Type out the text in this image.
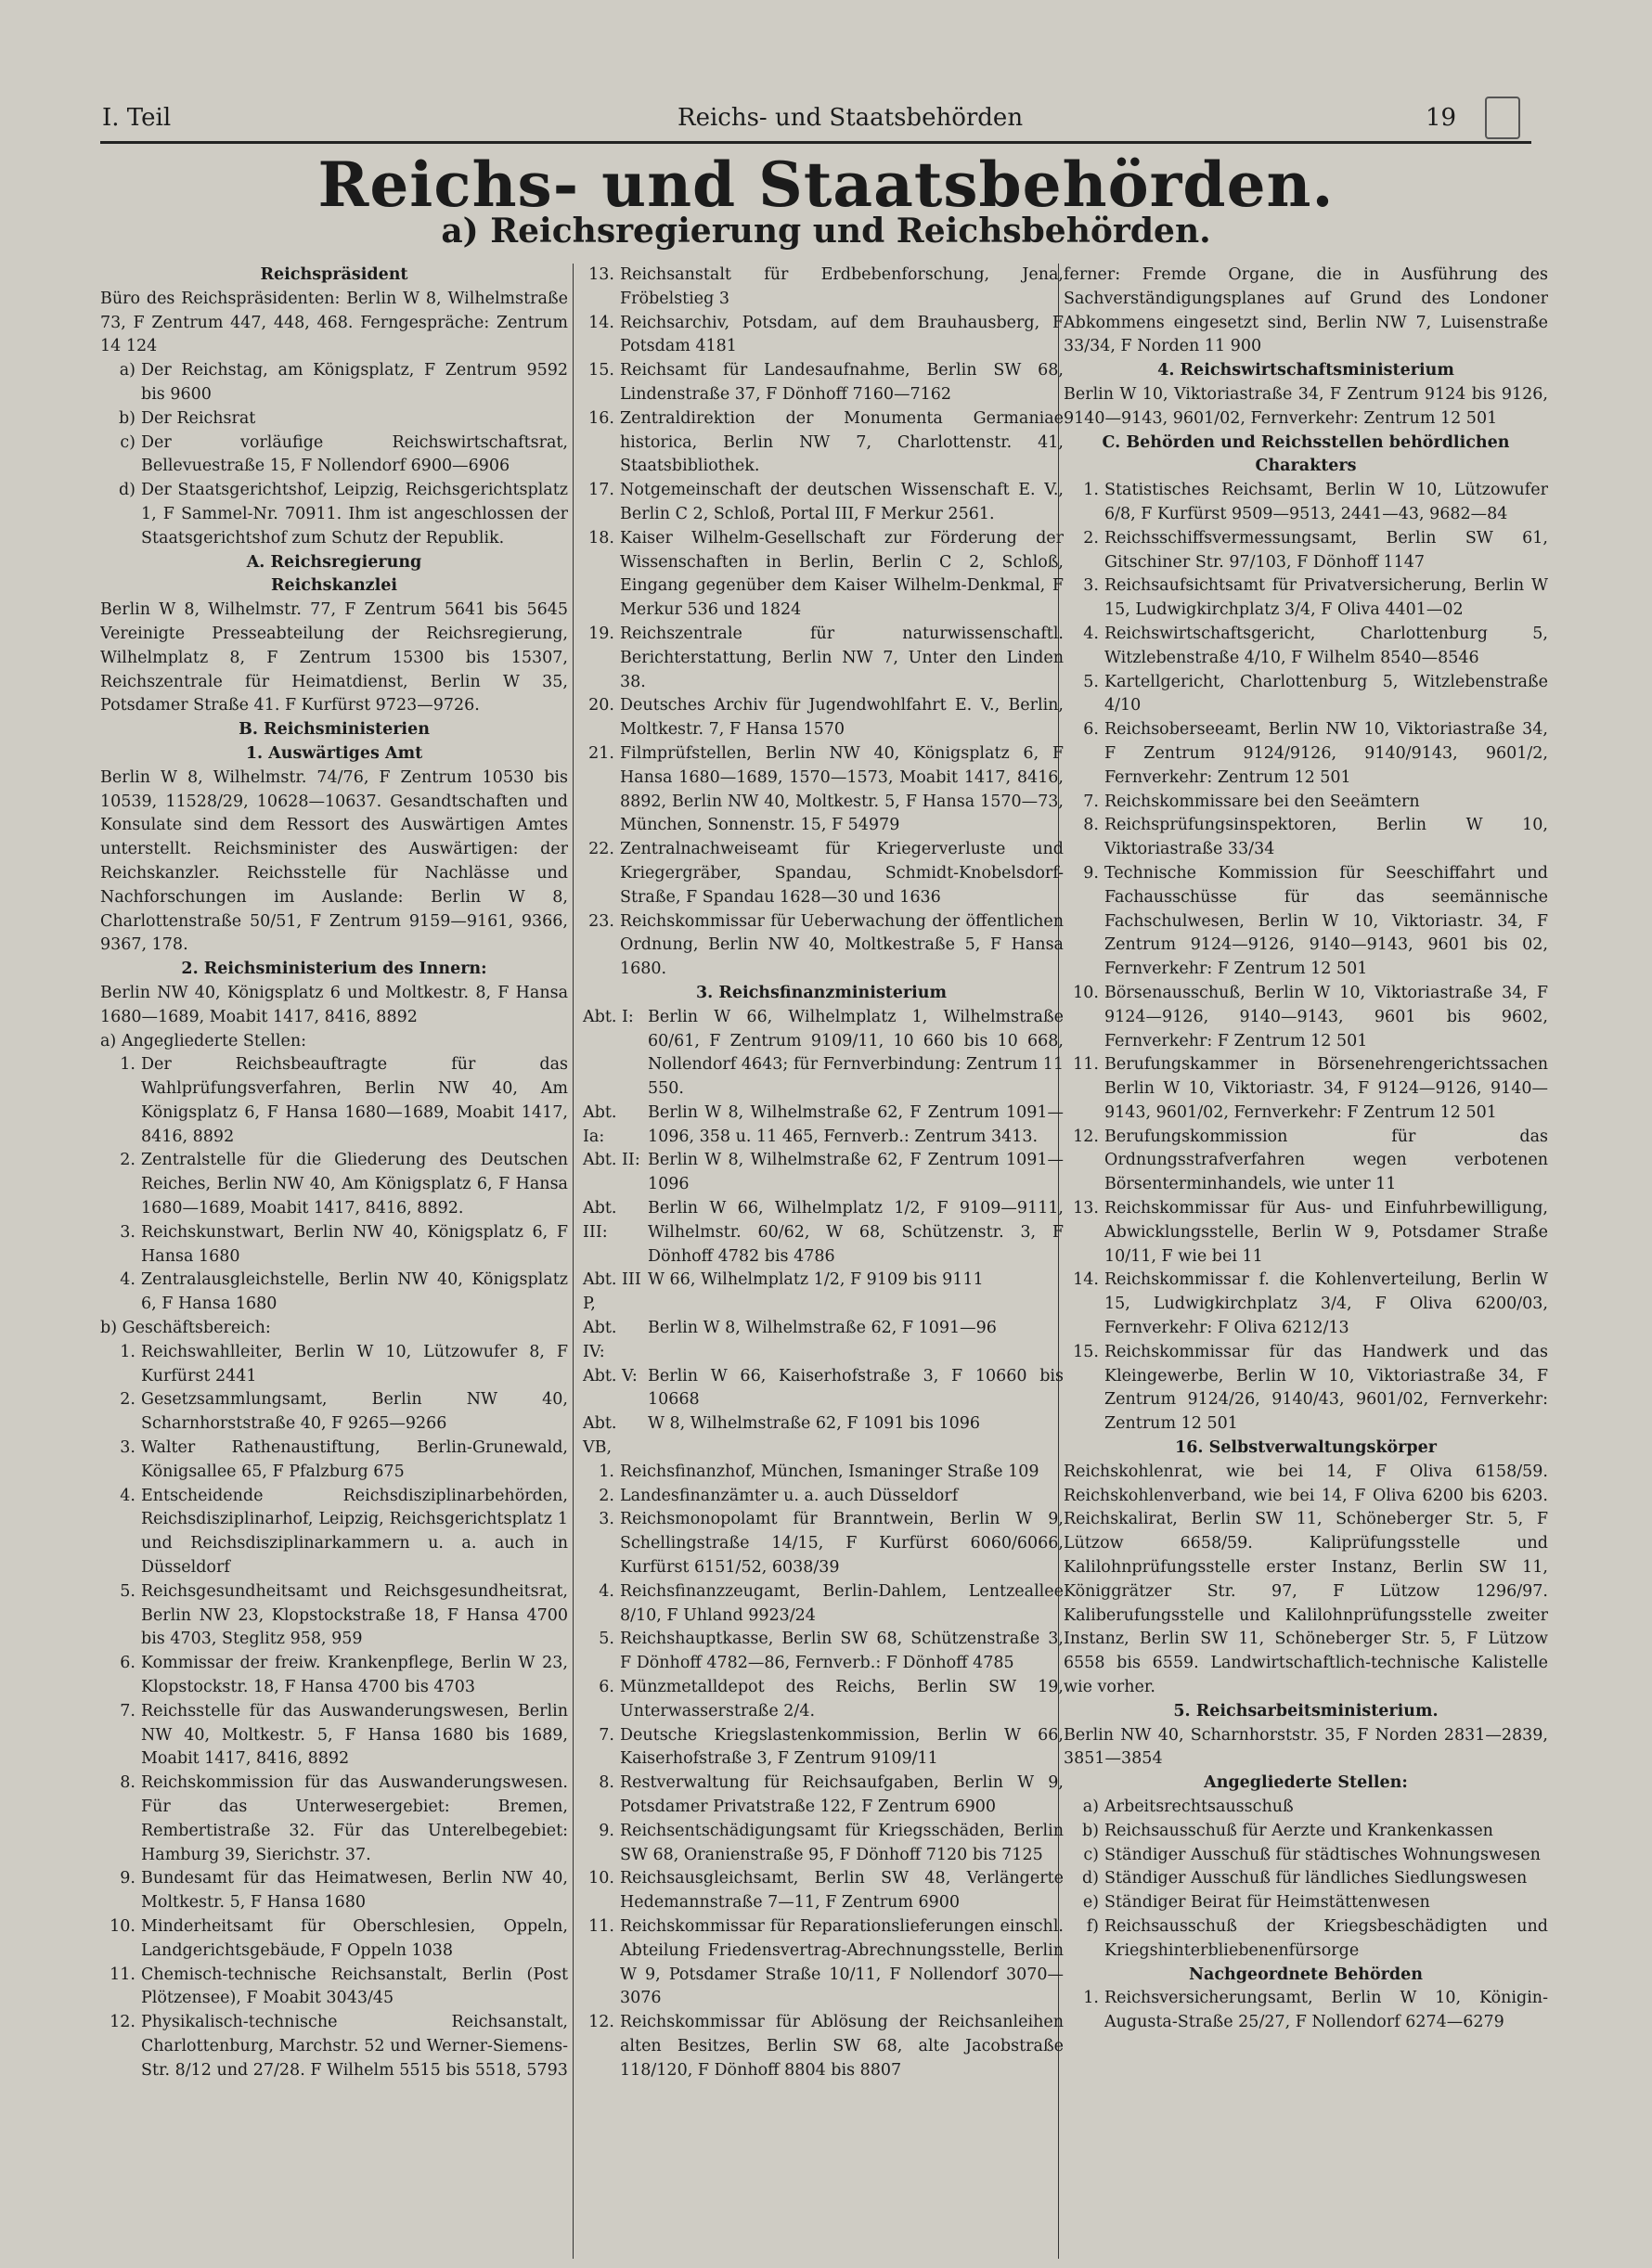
I. Teil	Reichs- und Staatsbehörden	19
Reichs- und Staatsbehörden.
a) Reichsregierung und Reichsbehörden.
Reichspräsident
Büro des Reichspräsidenten: Berlin W 8, Wilhelmstraße 73, F Zentrum 447, 448, 468. Ferngespräche: Zentrum 14 124
a) Der Reichstag, am Königsplatz, F Zentrum 9592 bis 9600
b) Der Reichsrat
c) Der vorläufige Reichswirtschaftsrat, Bellevuestraße 15, F Nollendorf 6900—6906
d) Der Staatsgerichtshof, Leipzig, Reichsgerichtsplatz 1, F Sammel-Nr. 70911. Ihm ist angeschlossen der Staatsgerichtshof zum Schutz der Republik.
A. Reichsregierung
Reichskanzlei
Berlin W 8, Wilhelmstr. 77, F Zentrum 5641 bis 5645 Vereinigte Presseabteilung der Reichsregierung, Wilhelmplatz 8, F Zentrum 15300 bis 15307, Reichszentrale für Heimatdienst, Berlin W 35, Potsdamer Straße 41. F Kurfürst 9723—9726.
B. Reichsministerien
1. Auswärtiges Amt
Berlin W 8, Wilhelmstr. 74/76, F Zentrum 10530 bis 10539, 11528/29, 10628—10637. Gesandtschaften und Konsulate sind dem Ressort des Auswärtigen Amtes unterstellt. Reichsminister des Auswärtigen: der Reichskanzler. Reichsstelle für Nachlässe und Nachforschungen im Auslande: Berlin W 8, Charlottenstraße 50/51, F Zentrum 9159—9161, 9366, 9367, 178.
2. Reichsministerium des Innern:
Berlin NW 40, Königsplatz 6 und Moltkestr. 8, F Hansa 1680—1689, Moabit 1417, 8416, 8892
a) Angegliederte Stellen:
1. Der Reichsbeauftragte für das Wahlprüfungsverfahren, Berlin NW 40, Am Königsplatz 6, F Hansa 1680—1689, Moabit 1417, 8416, 8892
2. Zentralstelle für die Gliederung des Deutschen Reiches, Berlin NW 40, Am Königsplatz 6, F Hansa 1680—1689, Moabit 1417, 8416, 8892.
3. Reichskunstwart, Berlin NW 40, Königsplatz 6, F Hansa 1680
4. Zentralausgleichstelle, Berlin NW 40, Königsplatz 6, F Hansa 1680
b) Geschäftsbereich:
1. Reichswahlleiter, Berlin W 10, Lützowufer 8, F Kurfürst 2441
2. Gesetzsammlungsamt, Berlin NW 40, Scharnhorststraße 40, F 9265—9266
3. Walter Rathenaustiftung, Berlin-Grunewald, Königsallee 65, F Pfalzburg 675
4. Entscheidende Reichsdisziplinarbehörden, Reichsdisziplinarhof, Leipzig, Reichsgerichtsplatz 1 und Reichsdisziplinarkammern u. a. auch in Düsseldorf
5. Reichsgesundheitsamt und Reichsgesundheitsrat, Berlin NW 23, Klopstockstraße 18, F Hansa 4700 bis 4703, Steglitz 958, 959
6. Kommissar der freiw. Krankenpflege, Berlin W 23, Klopstockstr. 18, F Hansa 4700 bis 4703
7. Reichsstelle für das Auswanderungswesen, Berlin NW 40, Moltkestr. 5, F Hansa 1680 bis 1689, Moabit 1417, 8416, 8892
8. Reichskommission für das Auswanderungswesen. Für das Unterwesergebiet: Bremen, Rembertistraße 32. Für das Unterelbegebiet: Hamburg 39, Sierichstr. 37.
9. Bundesamt für das Heimatwesen, Berlin NW 40, Moltkestr. 5, F Hansa 1680
10. Minderheitsamt für Oberschlesien, Oppeln, Landgerichtsgebäude, F Oppeln 1038
11. Chemisch-technische Reichsanstalt, Berlin (Post Plötzensee), F Moabit 3043/45
12. Physikalisch-technische Reichsanstalt, Charlottenburg, Marchstr. 52 und Werner-Siemens-Str. 8/12 und 27/28. F Wilhelm 5515 bis 5518, 5793
13. Reichsanstalt für Erdbebenforschung, Jena, Fröbelstieg 3
14. Reichsarchiv, Potsdam, auf dem Brauhausberg, F Potsdam 4181
15. Reichsamt für Landesaufnahme, Berlin SW 68, Lindenstraße 37, F Dönhoff 7160—7162
16. Zentraldirektion der Monumenta Germaniae historica, Berlin NW 7, Charlottenstr. 41, Staatsbibliothek.
17. Notgemeinschaft der deutschen Wissenschaft E. V., Berlin C 2, Schloß, Portal III, F Merkur 2561.
18. Kaiser Wilhelm-Gesellschaft zur Förderung der Wissenschaften in Berlin, Berlin C 2, Schloß, Eingang gegenüber dem Kaiser Wilhelm-Denkmal, F Merkur 536 und 1824
19. Reichszentrale für naturwissenschaftl. Berichterstattung, Berlin NW 7, Unter den Linden 38.
20. Deutsches Archiv für Jugendwohlfahrt E. V., Berlin, Moltkestr. 7, F Hansa 1570
21. Filmprüfstellen, Berlin NW 40, Königsplatz 6, F Hansa 1680—1689, 1570—1573, Moabit 1417, 8416, 8892, Berlin NW 40, Moltkestr. 5, F Hansa 1570—73, München, Sonnenstr. 15, F 54979
22. Zentralnachweiseamt für Kriegerverluste und Kriegergräber, Spandau, Schmidt-Knobelsdorf-Straße, F Spandau 1628—30 und 1636
23. Reichskommissar für Ueberwachung der öffentlichen Ordnung, Berlin NW 40, Moltkestraße 5, F Hansa 1680.
3. Reichsfinanzministerium
Abt. I: Berlin W 66, Wilhelmplatz 1, Wilhelmstraße 60/61, F Zentrum 9109/11, 10 660 bis 10 668, Nollendorf 4643; für Fernverbindung: Zentrum 11 550.
Abt. Ia:
Berlin W 8, Wilhelmstraße 62, F Zentrum 1091—1096, 358 u. 11 465, Fernverb.: Zentrum 3413.
Abt. II: Berlin W 8, Wilhelmstraße 62, F Zentrum 1091—1096
Abt. III:
Berlin W 66, Wilhelmplatz 1/2, F 9109—9111, Wilhelmstr. 60/62, W 68, Schützenstr. 3, F Dönhoff 4782 bis 4786
Abt. III P,
W 66, Wilhelmplatz 1/2, F 9109 bis 9111
Abt. IV:
Berlin W 8, Wilhelmstraße 62, F 1091—96
Abt. V: Berlin W 66, Kaiserhofstraße 3, F 10660 bis 10668
Abt. VB,
W 8, Wilhelmstraße 62, F 1091 bis 1096
1. Reichsfinanzhof, München, Ismaninger Straße 109
2. Landesfinanzämter u. a. auch Düsseldorf
3. Reichsmonopolamt für Branntwein, Berlin W 9, Schellingstraße 14/15, F Kurfürst 6060/6066, Kurfürst 6151/52, 6038/39
4. Reichsfinanzzeugamt, Berlin-Dahlem, Lentzeallee 8/10, F Uhland 9923/24
5. Reichshauptkasse, Berlin SW 68, Schützenstraße 3, F Dönhoff 4782—86, Fernverb.: F Dönhoff 4785
6. Münzmetalldepot des Reichs, Berlin SW 19, Unterwasserstraße 2/4.
7. Deutsche Kriegslastenkommission, Berlin W 66, Kaiserhofstraße 3, F Zentrum 9109/11
8. Restverwaltung für Reichsaufgaben, Berlin W 9, Potsdamer Privatstraße 122, F Zentrum 6900
9. Reichsentschädigungsamt für Kriegsschäden, Berlin SW 68, Oranienstraße 95, F Dönhoff 7120 bis 7125
10. Reichsausgleichsamt, Berlin SW 48, Verlängerte Hedemannstraße 7—11, F Zentrum 6900
11. Reichskommissar für Reparationslieferungen einschl. Abteilung Friedensvertrag-Abrechnungsstelle, Berlin W 9, Potsdamer Straße 10/11, F Nollendorf 3070—3076
12. Reichskommissar für Ablösung der Reichsanleihen alten Besitzes, Berlin SW 68, alte Jacobstraße 118/120, F Dönhoff 8804 bis 8807
ferner: Fremde Organe, die in Ausführung des Sachverständigungsplanes auf Grund des Londoner Abkommens eingesetzt sind, Berlin NW 7, Luisenstraße 33/34, F Norden 11 900
4. Reichswirtschaftsministerium
Berlin W 10, Viktoriastraße 34, F Zentrum 9124 bis 9126, 9140—9143, 9601/02, Fernverkehr: Zentrum 12 501
C. Behörden und Reichsstellen behördlichen Charakters
1. Statistisches Reichsamt, Berlin W 10, Lützowufer 6/8, F Kurfürst 9509—9513, 2441—43, 9682—84
2. Reichsschiffsvermessungsamt, Berlin SW 61, Gitschiner Str. 97/103, F Dönhoff 1147
3. Reichsaufsichtsamt für Privatversicherung, Berlin W 15, Ludwigkirchplatz 3/4, F Oliva 4401—02
4. Reichswirtschaftsgericht, Charlottenburg 5, Witzlebenstraße 4/10, F Wilhelm 8540—8546
5. Kartellgericht, Charlottenburg 5, Witzlebenstraße 4/10
6. Reichsoberseeamt, Berlin NW 10, Viktoriastraße 34, F Zentrum 9124/9126, 9140/9143, 9601/2, Fernverkehr: Zentrum 12 501
7. Reichskommissare bei den Seeämtern
8. Reichsprüfungsinspektoren, Berlin W 10, Viktoriastraße 33/34
9. Technische Kommission für Seeschiffahrt und Fachausschüsse für das seemännische Fachschulwesen, Berlin W 10, Viktoriastr. 34, F Zentrum 9124—9126, 9140—9143, 9601 bis 02, Fernverkehr: F Zentrum 12 501
10. Börsenausschuß, Berlin W 10, Viktoriastraße 34, F 9124—9126, 9140—9143, 9601 bis 9602, Fernverkehr: F Zentrum 12 501
11. Berufungskammer in Börsenehrengerichtssachen Berlin W 10, Viktoriastr. 34, F 9124—9126, 9140—9143, 9601/02, Fernverkehr: F Zentrum 12 501
12. Berufungskommission für das Ordnungsstrafverfahren wegen verbotenen Börsenterminhandels, wie unter 11
13. Reichskommissar für Aus- und Einfuhrbewilligung, Abwicklungsstelle, Berlin W 9, Potsdamer Straße 10/11, F wie bei 11
14. Reichskommissar f. die Kohlenverteilung, Berlin W 15, Ludwigkirchplatz 3/4, F Oliva 6200/03, Fernverkehr: F Oliva 6212/13
15. Reichskommissar für das Handwerk und das Kleingewerbe, Berlin W 10, Viktoriastraße 34, F Zentrum 9124/26, 9140/43, 9601/02, Fernverkehr: Zentrum 12 501
16. Selbstverwaltungskörper
Reichskohlenrat, wie bei 14, F Oliva 6158/59. Reichskohlenverband, wie bei 14, F Oliva 6200 bis 6203. Reichskalirat, Berlin SW 11, Schöneberger Str. 5, F Lützow 6658/59. Kaliprüfungsstelle und Kalilohnprüfungsstelle erster Instanz, Berlin SW 11, Königgrätzer Str. 97, F Lützow 1296/97. Kaliberufungsstelle und Kalilohnprüfungsstelle zweiter Instanz, Berlin SW 11, Schöneberger Str. 5, F Lützow 6558 bis 6559. Landwirtschaftlich-technische Kalistelle wie vorher.
5. Reichsarbeitsministerium.
Berlin NW 40, Scharnhorststr. 35, F Norden 2831—2839, 3851—3854
Angegliederte Stellen:
a) Arbeitsrechtsausschuß
b) Reichsausschuß für Aerzte und Krankenkassen
c) Ständiger Ausschuß für städtisches Wohnungswesen
d) Ständiger Ausschuß für ländliches Siedlungswesen
e) Ständiger Beirat für Heimstättenwesen
f) Reichsausschuß der Kriegsbeschädigten und Kriegshinterbliebenenfürsorge
Nachgeordnete Behörden
1. Reichsversicherungsamt, Berlin W 10, Königin-Augusta-Straße 25/27, F Nollendorf 6274—6279
